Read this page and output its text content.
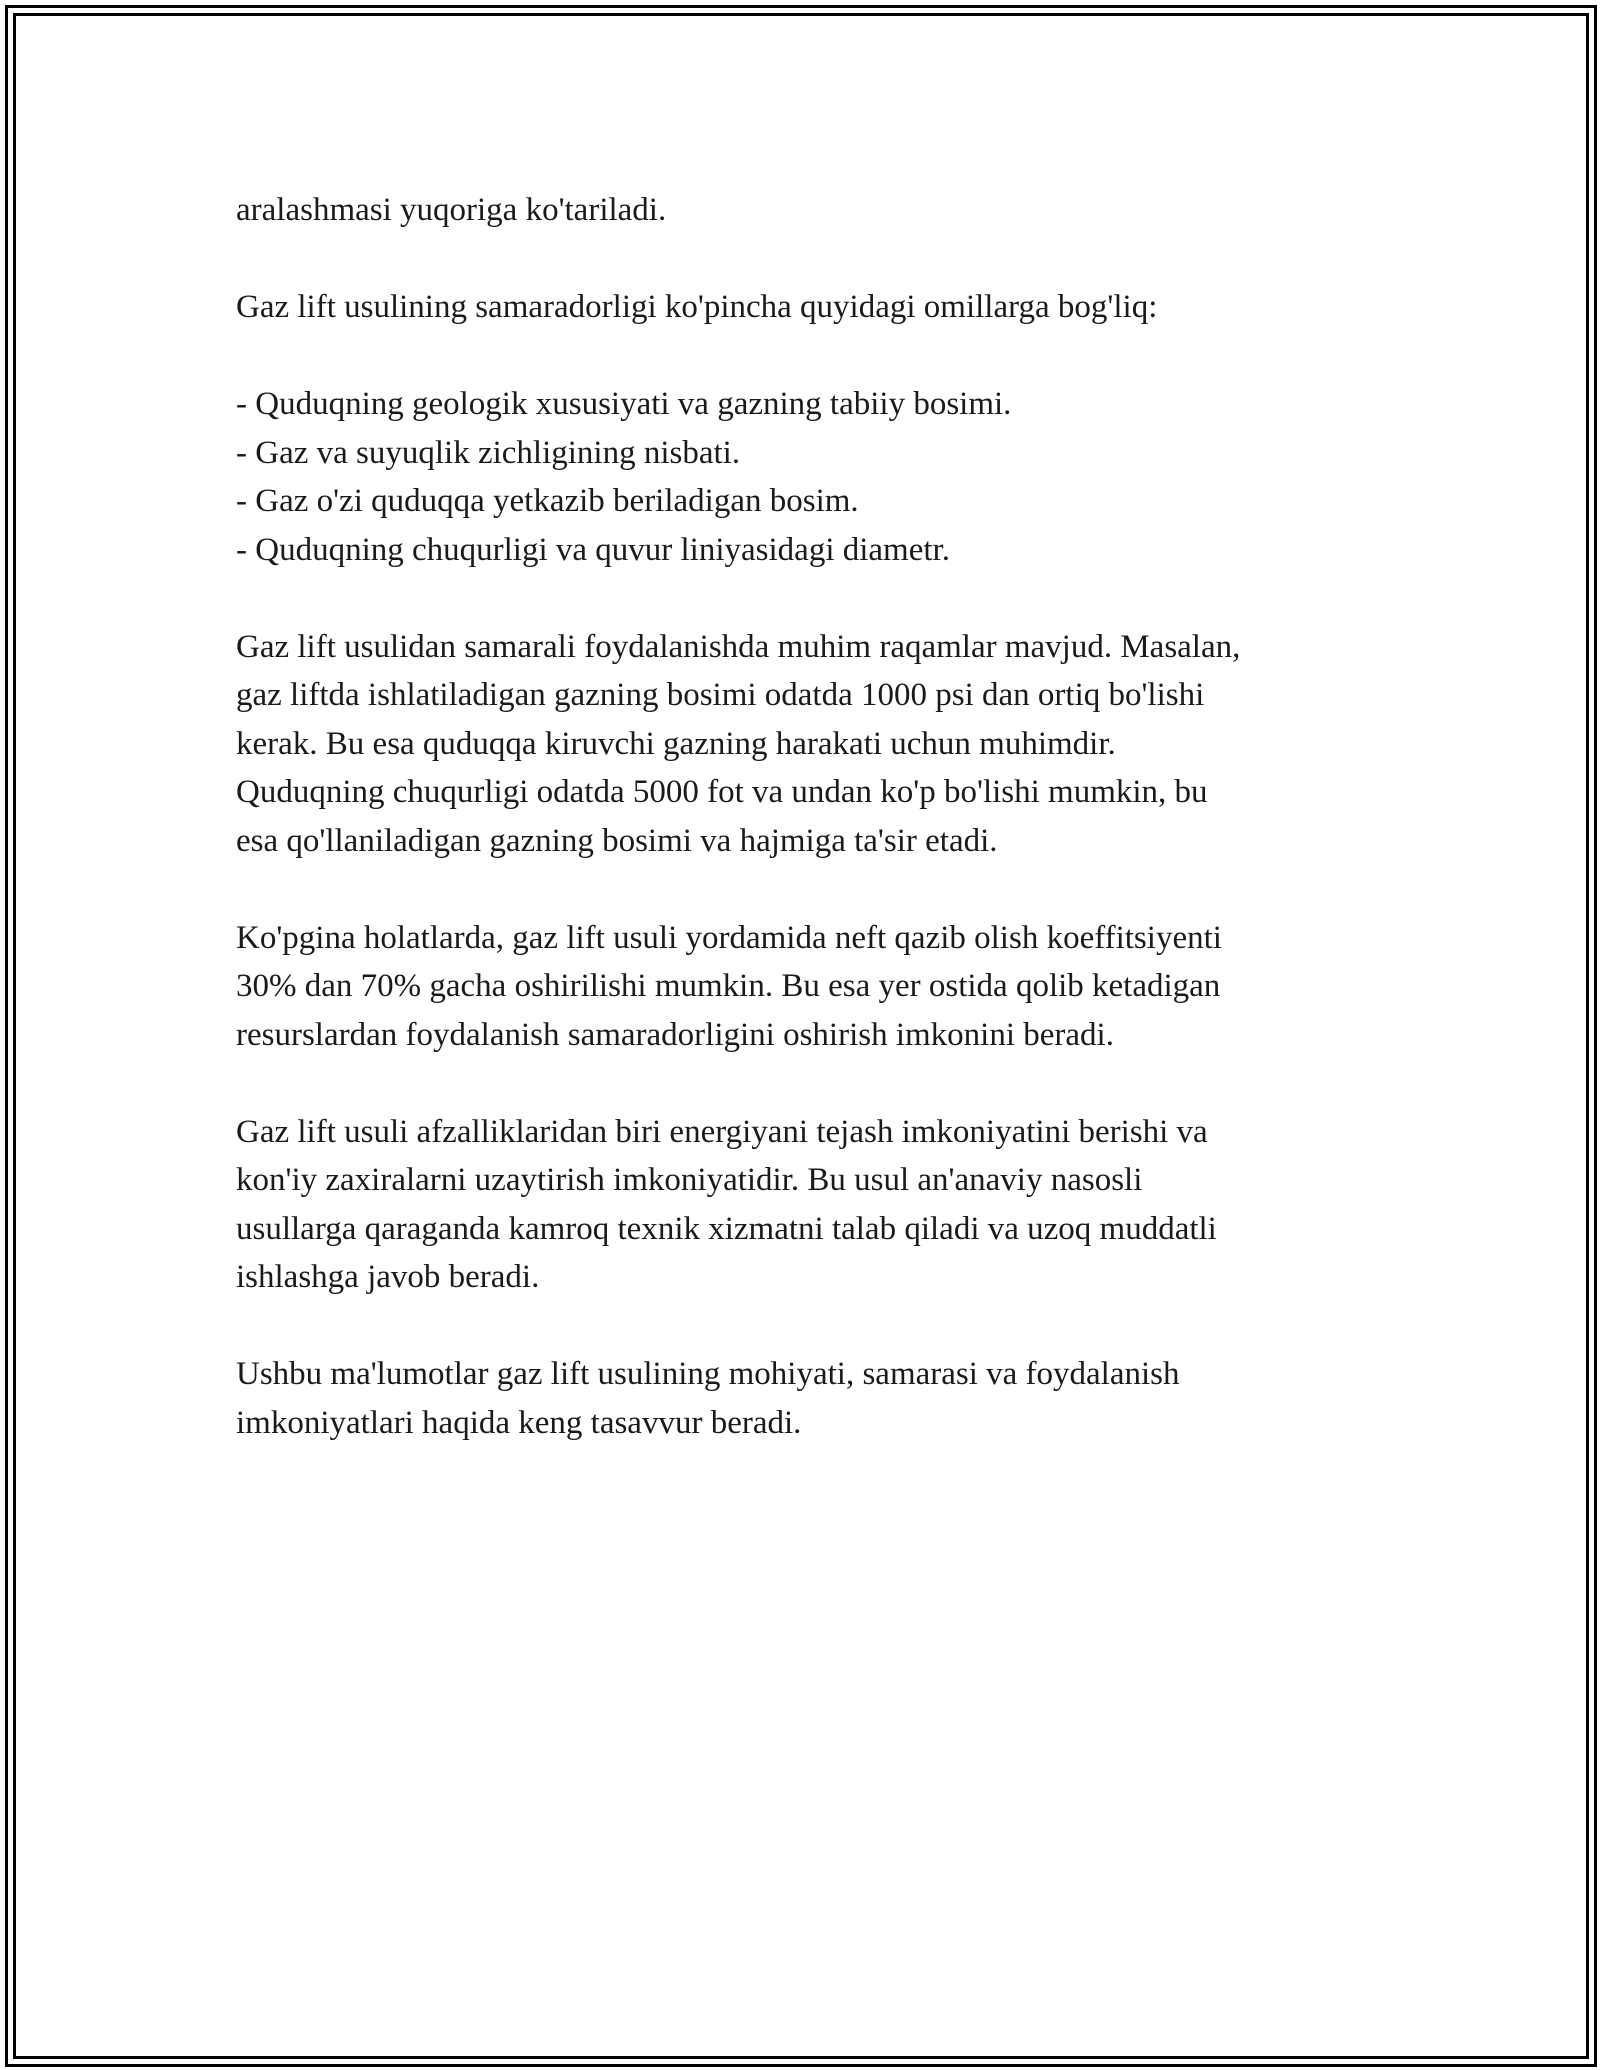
aralashmasi yuqoriga ko'tariladi.

Gaz lift usulining samaradorligi ko'pincha quyidagi omillarga bog'liq:

- Quduqning geologik xususiyati va gazning tabiiy bosimi.

- Gaz va suyuqlik zichligining nisbati.

- Gaz o'zi quduqqa yetkazib beriladigan bosim.

- Quduqning chuqurligi va quvur liniyasidagi diametr.

Gaz lift usulidan samarali foydalanishda muhim raqamlar mavjud. Masalan,

gaz liftda ishlatiladigan gazning bosimi odatda 1000 psi dan ortiq bo'lishi

kerak. Bu esa quduqqa kiruvchi gazning harakati uchun muhimdir.

Quduqning chuqurligi odatda 5000 fot va undan ko'p bo'lishi mumkin, bu

esa qo'llaniladigan gazning bosimi va hajmiga ta'sir etadi.

Ko'pgina holatlarda, gaz lift usuli yordamida neft qazib olish koeffitsiyenti

30% dan 70% gacha oshirilishi mumkin. Bu esa yer ostida qolib ketadigan

resurslardan foydalanish samaradorligini oshirish imkonini beradi.

Gaz lift usuli afzalliklaridan biri energiyani tejash imkoniyatini berishi va

kon'iy zaxiralarni uzaytirish imkoniyatidir. Bu usul an'anaviy nasosli

usullarga qaraganda kamroq texnik xizmatni talab qiladi va uzoq muddatli

ishlashga javob beradi.

Ushbu ma'lumotlar gaz lift usulining mohiyati, samarasi va foydalanish

imkoniyatlari haqida keng tasavvur beradi.
